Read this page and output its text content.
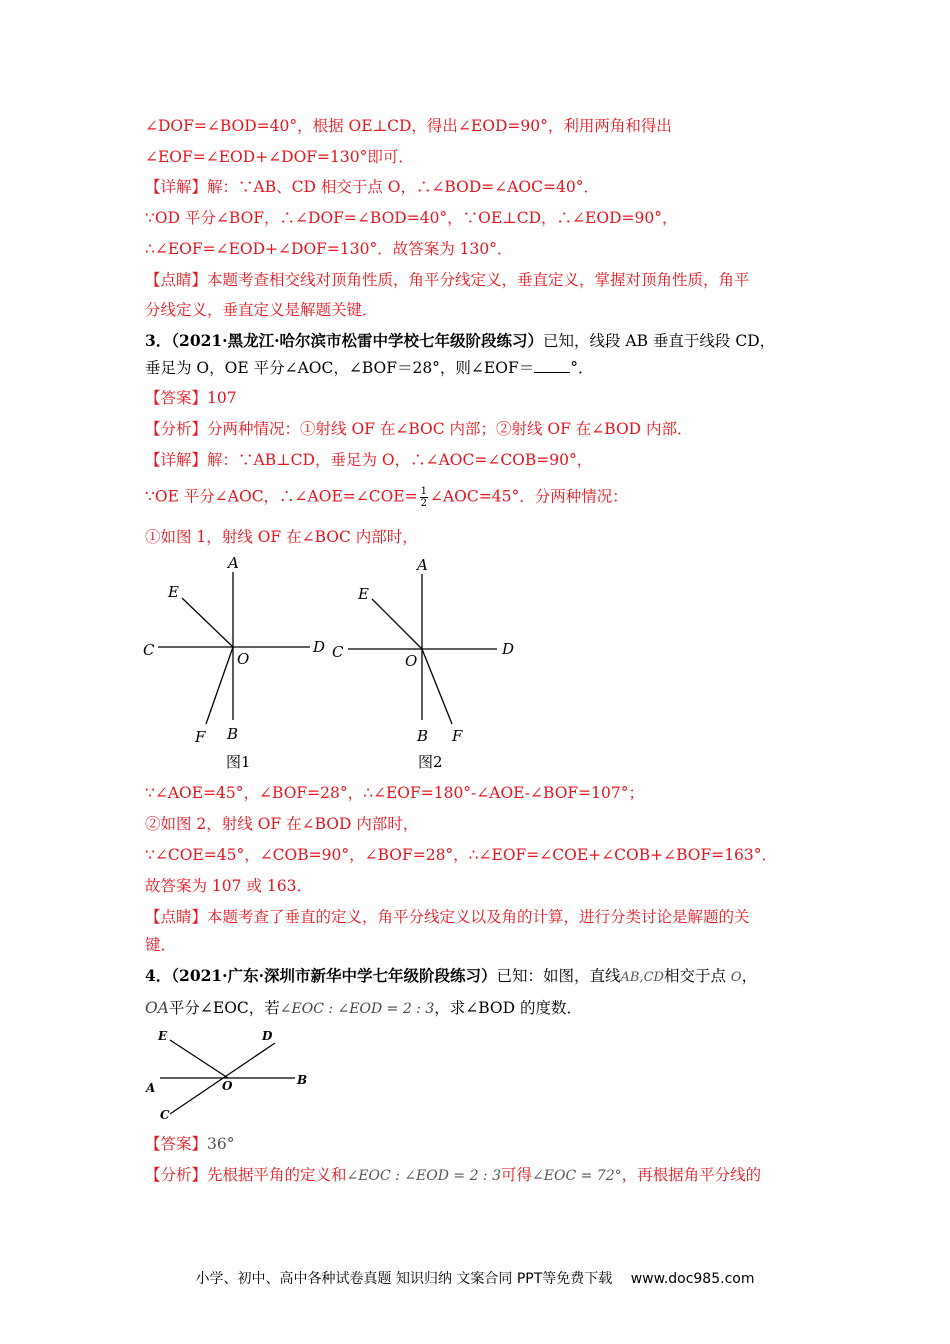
∠DOF=∠BOD=40°，根据 OE⊥CD，得出∠EOD=90°，利用两角和得出
∠EOF=∠EOD+∠DOF=130°即可．
【详解】解：∵AB、CD 相交于点 O，∴∠BOD=∠AOC=40°．
∵OD 平分∠BOF，∴∠DOF=∠BOD=40°，∵OE⊥CD，∴∠EOD=90°，
∴∠EOF=∠EOD+∠DOF=130°．故答案为 130°．
【点睛】本题考查相交线对顶角性质，角平分线定义，垂直定义，掌握对顶角性质，角平
分线定义，垂直定义是解题关键．
3．（2021·黑龙江·哈尔滨市松雷中学校七年级阶段练习）已知，线段 AB 垂直于线段 CD，
垂足为 O，OE 平分∠AOC，∠BOF＝28°，则∠EOF＝ °．
【答案】107
【分析】分两种情况：①射线 OF 在∠BOC 内部；②射线 OF 在∠BOD 内部．
【详解】解：∵AB⊥CD，垂足为 O，∴∠AOC=∠COB=90°，
∵OE 平分∠AOC，∴∠AOE=∠COE= $\frac{1}{2}$ ∠AOC=45°．分两种情况：
①如图 1，射线 OF 在∠BOC 内部时，
A
B
C	D
E
F
O
图1
A
B
C	D
E
F
O
图2
∵∠AOE=45°，∠BOF=28°，∴∠EOF=180°-∠AOE-∠BOF=107°；
②如图 2，射线 OF 在∠BOD 内部时，
∵∠COE=45°，∠COB=90°，∠BOF=28°，∴∠EOF=∠COE+∠COB+∠BOF=163°．
故答案为 107 或 163．
【点睛】本题考查了垂直的定义，角平分线定义以及角的计算，进行分类讨论是解题的关
键．
4．（2021·广东·深圳市新华中学七年级阶段练习）已知：如图，直线AB,CD相交于点 O，
OA平分∠EOC，若∠EOC : ∠EOD = 2 : 3，求∠BOD 的度数．
E	D
A
B
O
C
【答案】36°
【分析】先根据平角的定义和∠EOC : ∠EOD = 2 : 3可得∠EOC = 72°，再根据角平分线的
小学、初中、高中各种试卷真题 知识归纳 文案合同 PPT等免费下载　 www.doc985.com
